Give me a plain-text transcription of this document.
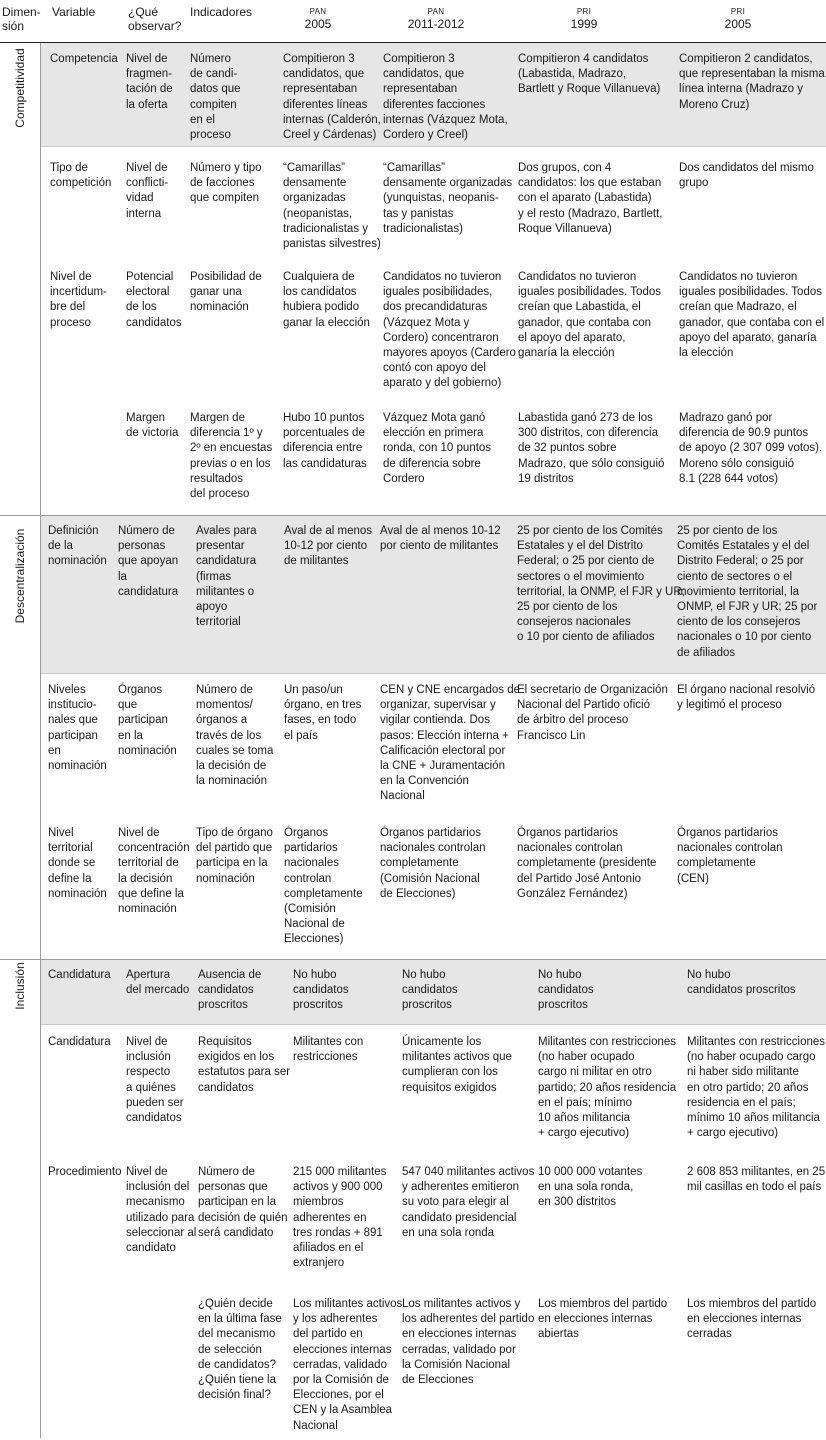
Dimen-
sión
Variable	¿Qué
observar?
Indicadores	PAN
2005
PAN
2011-2012
PRI
1999
PRI
2005
Competitividad
Descentralización
Inclusión
Competencia Nivel de
fragmen-
tación de
la oferta
Número
de candi-
datos que
compiten
en el
proceso
Compitieron 3
candidatos, que
representaban
diferentes líneas
internas (Calderón,
Creel y Cárdenas)
Compitieron 3
candidatos, que
representaban
diferentes facciones
internas (Vázquez Mota,
Cordero y Creel)
Compitieron 4 candidatos
(Labastida, Madrazo,
Bartlett y Roque Villanueva)
Compitieron 2 candidatos,
que representaban la misma
línea interna (Madrazo y
Moreno Cruz)
Tipo de
competición
Nivel de
conflicti-
vidad
interna
Número y tipo
de facciones
que compiten
“Camarillas”
densamente
organizadas
(neopanistas,
tradicionalistas y
panistas silvestres)
“Camarillas”
densamente organizadas
(yunquistas, neopanis-
tas y panistas
tradicionalistas)
Dos grupos, con 4
candidatos: los que estaban
con el aparato (Labastida)
y el resto (Madrazo, Bartlett,
Roque Villanueva)
Dos candidatos del mismo
grupo
Nivel de
incertidum-
bre del
proceso
Potencial
electoral
de los
candidatos
Posibilidad de
ganar una
nominación
Cualquiera de
los candidatos
hubiera podido
ganar la elección
Candidatos no tuvieron
iguales posibilidades,
dos precandidaturas
(Vázquez Mota y
Cordero) concentraron
mayores apoyos (Cardero
contó con apoyo del
aparato y del gobierno)
Candidatos no tuvieron
iguales posibilidades. Todos
creían que Labastida, el
ganador, que contaba con
el apoyo del aparato,
ganaría la elección
Candidatos no tuvieron
iguales posibilidades. Todos
creían que Madrazo, el
ganador, que contaba con el
apoyo del aparato, ganaría
la elección
Margen
de victoria
Margen de
diferencia 1º y
2º en encuestas
previas o en los
resultados
del proceso
Hubo 10 puntos
porcentuales de
diferencia entre
las candidaturas
Vázquez Mota ganó
elección en primera
ronda, con 10 puntos
de diferencia sobre
Cordero
Labastida ganó 273 de los
300 distritos, con diferencia
de 32 puntos sobre
Madrazo, que sólo consiguió
19 distritos
Madrazo ganó por
diferencia de 90.9 puntos
de apoyo (2 307 099 votos).
Moreno sólo consiguió
8.1 (228 644 votos)
Definición
de la
nominación
Número de
personas
que apoyan
la
candidatura
Avales para
presentar
candidatura
(firmas
militantes o
apoyo
territorial
Aval de al menos
10-12 por ciento
de militantes
Aval de al menos 10-12
por ciento de militantes
25 por ciento de los Comités
Estatales y el del Distrito
Federal; o 25 por ciento de
sectores o el movimiento
territorial, la ONMP, el FJR y UR;
25 por ciento de los
consejeros nacionales
o 10 por ciento de afiliados
25 por ciento de los
Comités Estatales y el del
Distrito Federal; o 25 por
ciento de sectores o el
movimiento territorial, la
ONMP, el FJR y UR; 25 por
ciento de los consejeros
nacionales o 10 por ciento
de afiliados
Niveles
institucio-
nales que
participan
en
nominación
Órganos
que
participan
en la
nominación
Número de
momentos/
órganos a
través de los
cuales se toma
la decisión de
la nominación
Un paso/un
órgano, en tres
fases, en todo
el país
CEN y CNE encargados de
organizar, supervisar y
vigilar contienda. Dos
pasos: Elección interna +
Calificación electoral por
la CNE + Juramentación
en la Convención
Nacional
El secretario de Organización
Nacional del Partido ofició
de árbitro del proceso
Francisco Lin
El órgano nacional resolvió
y legitimó el proceso
Nivel
territorial
donde se
define la
nominación
Nivel de
concentración
territorial de
la decisión
que define la
nominación
Tipo de órgano
del partido que
participa en la
nominación
Órganos
partidarios
nacionales
controlan
completamente
(Comisión
Nacional de
Elecciones)
Órganos partidarios
nacionales controlan
completamente
(Comisión Nacional
de Elecciones)
Órganos partidarios
nacionales controlan
completamente (presidente
del Partido José Antonio
González Fernández)
Órganos partidarios
nacionales controlan
completamente
(CEN)
Candidatura Apertura
del mercado
Ausencia de
candidatos
proscritos
No hubo
candidatos
proscritos
No hubo
candidatos
proscritos
No hubo
candidatos
proscritos
No hubo
candidatos proscritos
Candidatura Nivel de
inclusión
respecto
a quiénes
pueden ser
candidatos
Requisitos
exigidos en los
estatutos para ser
candidatos
Militantes con
restricciones
Únicamente los
militantes activos que
cumplieran con los
requisitos exigidos
Militantes con restricciones
(no haber ocupado
cargo ni militar en otro
partido; 20 años residencia
en el país; mínimo
10 años militancia
+ cargo ejecutivo)
Militantes con restricciones
(no haber ocupado cargo
ni haber sido militante
en otro partido; 20 años
residencia en el país;
mínimo 10 años militancia
+ cargo ejecutivo)
Procedimiento Nivel de
inclusión del
mecanismo
utilizado para
seleccionar al
candidato
Número de
personas que
participan en la
decisión de quién
será candidato
215 000 militantes
activos y 900 000
miembros
adherentes en
tres rondas + 891
afiliados en el
extranjero
547 040 militantes activos
y adherentes emitieron
su voto para elegir al
candidato presidencial
en una sola ronda
10 000 000 votantes
en una sola ronda,
en 300 distritos
2 608 853 militantes, en 25
mil casillas en todo el país
¿Quién decide
en la última fase
del mecanismo
de selección
de candidatos?
¿Quién tiene la
decisión final?
Los militantes activos
y los adherentes
del partido en
elecciones internas
cerradas, validado
por la Comisión de
Elecciones, por el
CEN y la Asamblea
Nacional
Los militantes activos y
los adherentes del partido
en elecciones internas
cerradas, validado por
la Comisión Nacional
de Elecciones
Los miembros del partido
en elecciones internas
abiertas
Los miembros del partido
en elecciones internas
cerradas
